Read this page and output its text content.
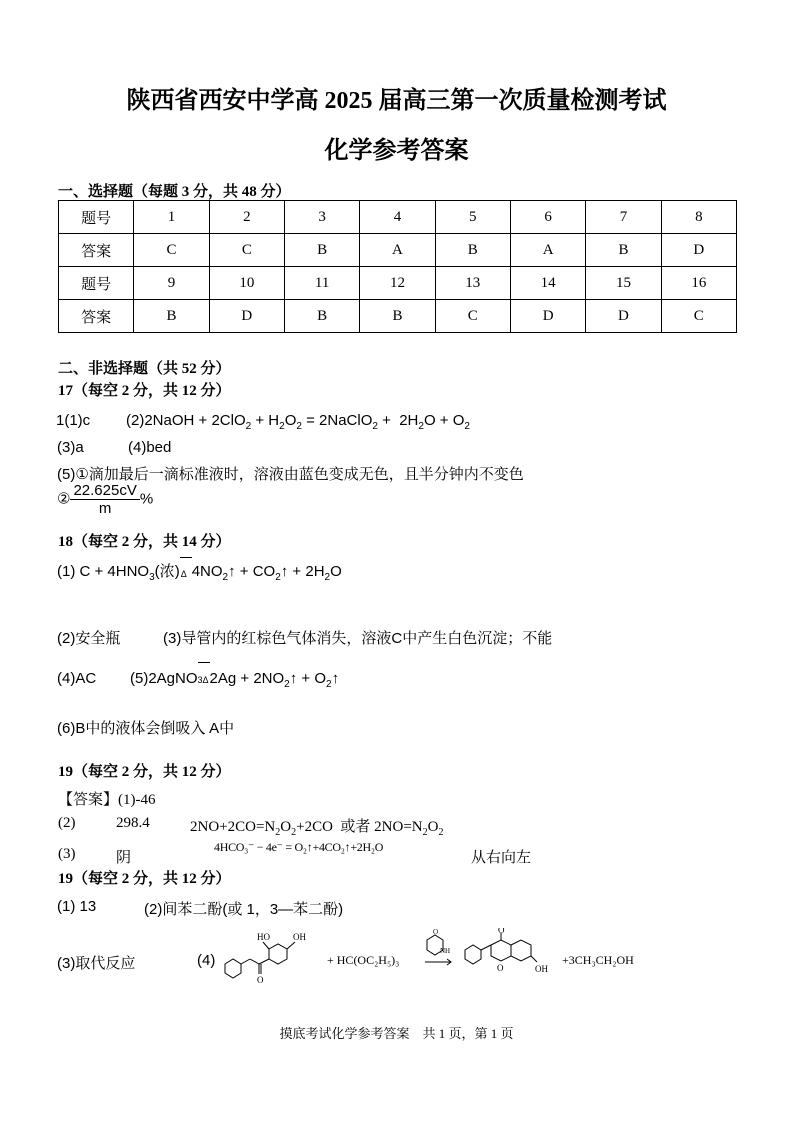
陕西省西安中学高 2025 届高三第一次质量检测考试
化学参考答案
一、选择题（每题 3 分，共 48 分）
题号	1	2	3	4	5	6	7	8
答案	C	C	B	A	B	A	B	D
题号	9	10	11	12	13	14	15	16
答案	B	D	B	B	C	D	D	C
二、非选择题（共 52 分）
17（每空 2 分，共 12 分）
1(1)c (2)2NaOH + $2ClO_2 + H_2O_2$ = 2NaClO$_2$ +  $2H_2O + O_2$
(3)a	(4)bed
(5)①滴加最后一滴标准液时，溶液由蓝色变成无色，且半分钟内不变色
② $\frac{22.625cV}{m}$ %
18（每空 2 分，共 14 分）
(1) $C + 4HNO_3$(浓) Δ $4NO_2↑$ + $CO_2↑ + 2H_2O$
(2)安全瓶	(3)导管内的红棕色气体消失，溶液C中产生白色沉淀；不能
(4)AC (5)2AgNO 3Δ $2Ag + 2NO_2↑$ + $O_2↑$
(6)B中的液体会倒吸入 A中
19（每空 2 分，共 12 分）
【答案】(1)-46
(2)	298.4	$2NO+2CO=N_2O_2+2CO$  或者 $2NO=N_2O_2$
(3)	阴
4HCO₃⁻ − 4e⁻ = O₂↑+4CO₂↑+2H₂O
从右向左
19（每空 2 分，共 12 分）
(1) 13	(2)间苯二酚(或 1，3—苯二酚)
(3)取代反应	(4)
HO	OH
O
NH
O	O
O	OH
+ HC(OC₂H₅)₃	+3CH₃CH₂OH
摸底考试化学参考答案　共 1 页，第 1 页
